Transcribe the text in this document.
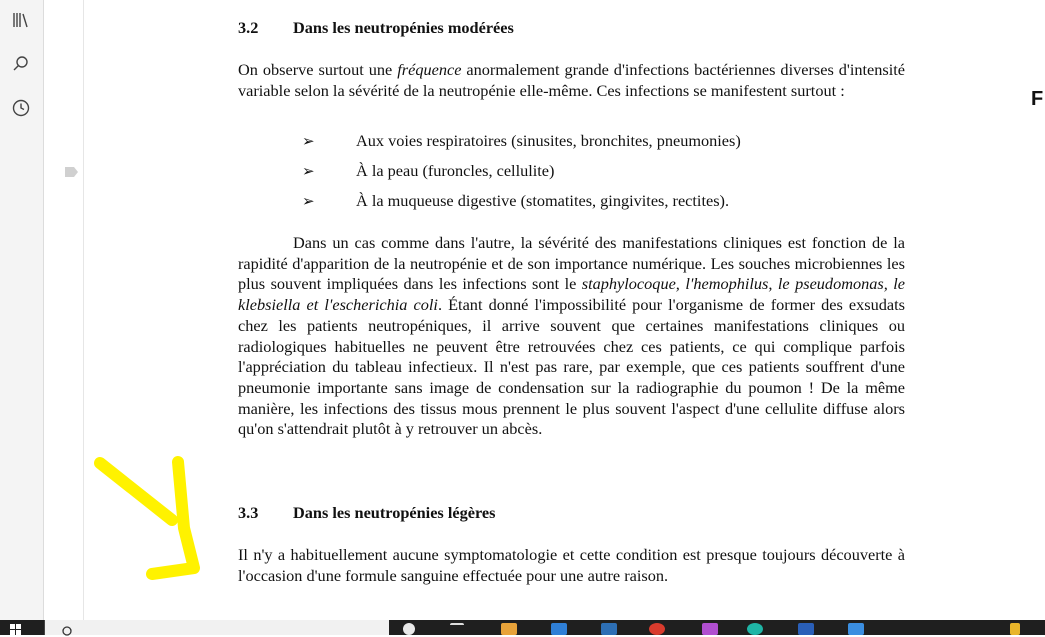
3.2 Dans les neutropénies modérées

On observe surtout une fréquence anormalement grande d'infections bactériennes diverses d'intensité variable selon la sévérité de la neutropénie elle-même. Ces infections se manifestent surtout :

➢	Aux voies respiratoires (sinusites, bronchites, pneumonies)
➢	À la peau (furoncles, cellulite)
➢	À la muqueuse digestive (stomatites, gingivites, rectites).

Dans un cas comme dans l'autre, la sévérité des manifestations cliniques est fonction de la rapidité d'apparition de la neutropénie et de son importance numérique. Les souches microbiennes les plus souvent impliquées dans les infections sont le staphylocoque, l'hemophilus, le pseudomonas, le klebsiella et l'escherichia coli. Étant donné l'impossibilité pour l'organisme de former des exsudats chez les patients neutropéniques, il arrive souvent que certaines manifestations cliniques ou radiologiques habituelles ne peuvent être retrouvées chez ces patients, ce qui complique parfois l'appréciation du tableau infectieux. Il n'est pas rare, par exemple, que ces patients souffrent d'une pneumonie importante sans image de condensation sur la radiographie du poumon ! De la même manière, les infections des tissus mous prennent le plus souvent l'aspect d'une cellulite diffuse alors qu'on s'attendrait plutôt à y retrouver un abcès.

3.3 Dans les neutropénies légères

Il n'y a habituellement aucune symptomatologie et cette condition est presque toujours découverte à l'occasion d'une formule sanguine effectuée pour une autre raison.

F
